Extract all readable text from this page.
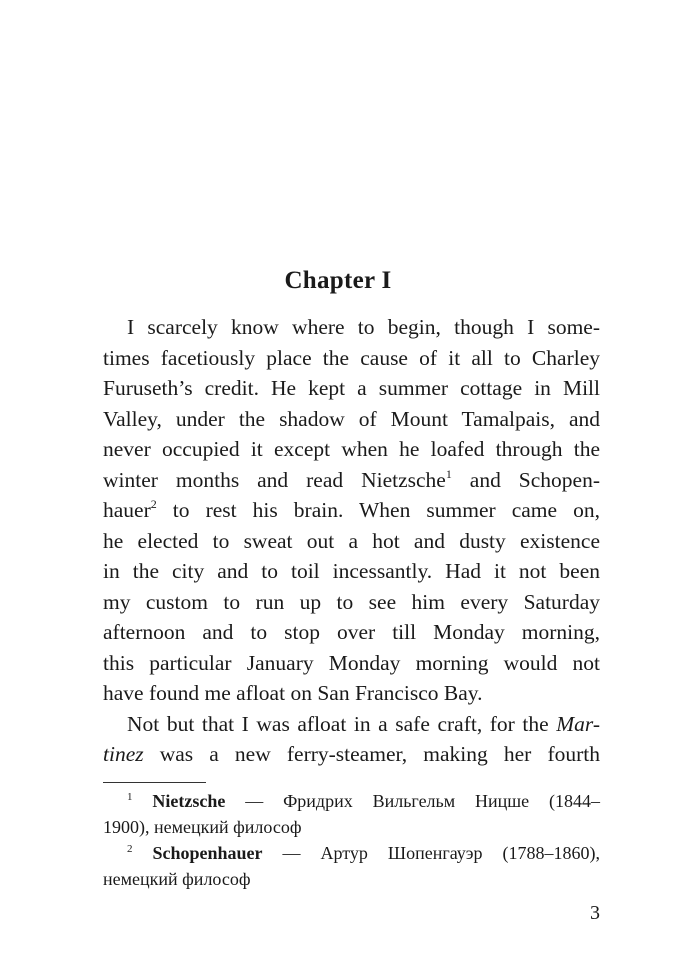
Chapter I
I scarcely know where to begin, though I some-
times facetiously place the cause of it all to Charley
Furuseth’s credit. He kept a summer cottage in Mill
Valley, under the shadow of Mount Tamalpais, and
never occupied it except when he loafed through the
winter months and read Nietzsche$^1$ and Schopen-
hauer$^2$ to rest his brain. When summer came on,
he elected to sweat out a hot and dusty existence
in the city and to toil incessantly. Had it not been
my custom to run up to see him every Saturday
afternoon and to stop over till Monday morning,
this particular January Monday morning would not
have found me afloat on San Francisco Bay.
Not but that I was afloat in a safe craft, for the Mar-
tinez was a new ferry-steamer, making her fourth
$^1$ Nietzsche — Фридрих Вильгельм Ницше (1844–
1900), немецкий философ
$^2$ Schopenhauer — Артур Шопенгауэр (1788–1860),
немецкий философ
3
